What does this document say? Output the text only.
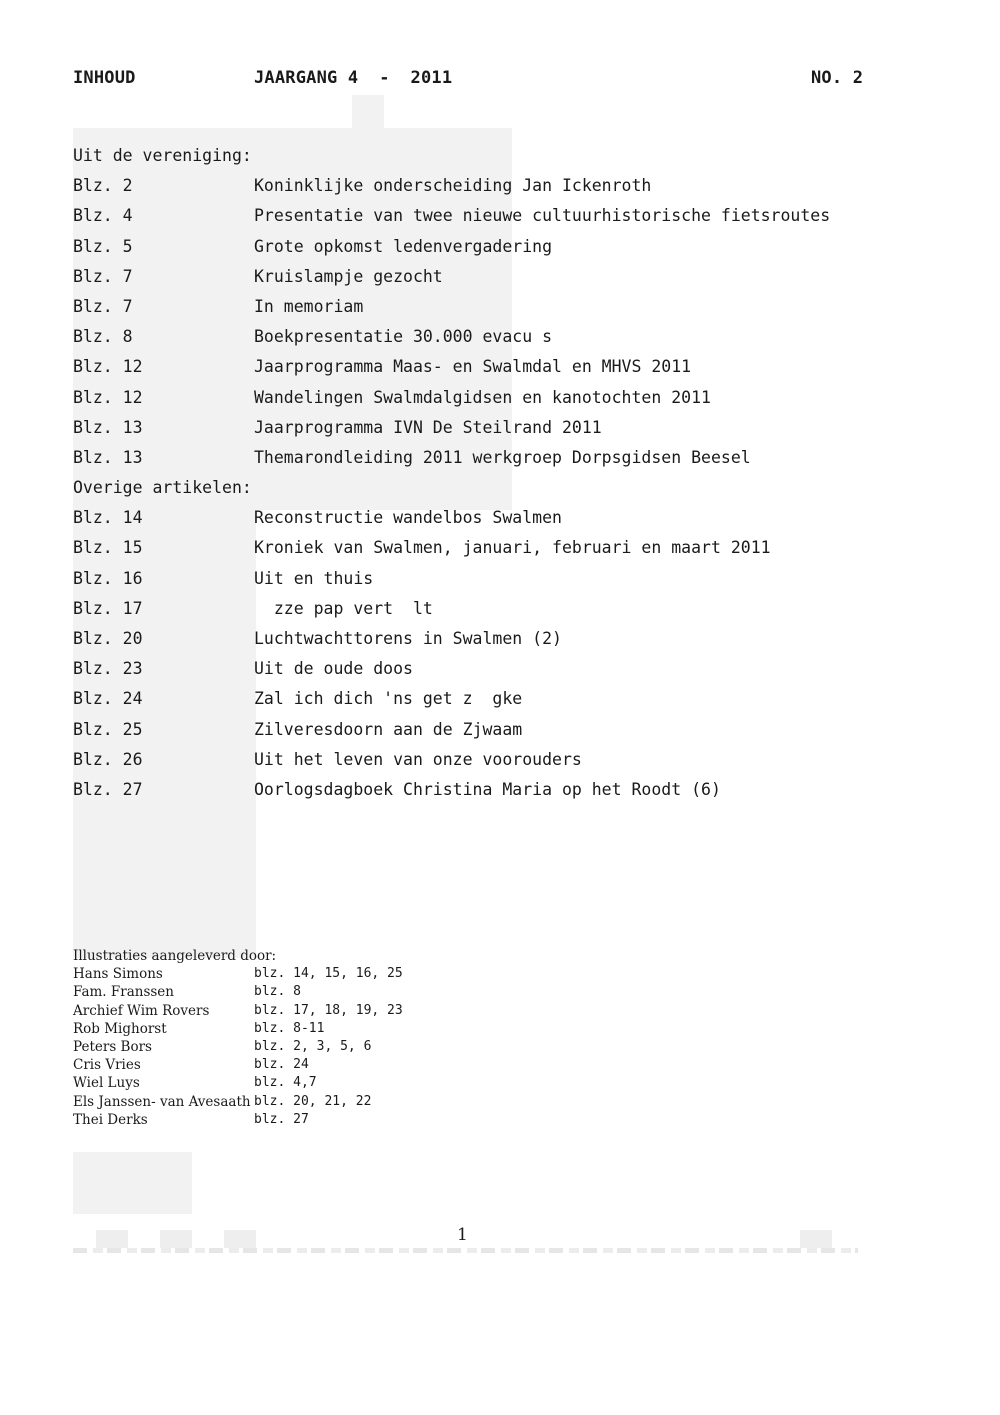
INHOUD	JAARGANG 4  -  2011	NO. 2
Uit de vereniging:
Blz. 2	Koninklijke onderscheiding Jan Ickenroth
Blz. 4	Presentatie van twee nieuwe cultuurhistorische fietsroutes
Blz. 5	Grote opkomst ledenvergadering
Blz. 7	Kruislampje gezocht
Blz. 7	In memoriam
Blz. 8	Boekpresentatie 30.000 evacu s
Blz. 12	Jaarprogramma Maas- en Swalmdal en MHVS 2011
Blz. 12	Wandelingen Swalmdalgidsen en kanotochten 2011
Blz. 13	Jaarprogramma IVN De Steilrand 2011
Blz. 13	Themarondleiding 2011 werkgroep Dorpsgidsen Beesel
Overige artikelen:
Blz. 14	Reconstructie wandelbos Swalmen
Blz. 15	Kroniek van Swalmen, januari, februari en maart 2011
Blz. 16	Uit en thuis
Blz. 17	zze pap vert  lt
Blz. 20	Luchtwachttorens in Swalmen (2)
Blz. 23	Uit de oude doos
Blz. 24	Zal ich dich 'ns get z  gke
Blz. 25	Zilveresdoorn aan de Zjwaam
Blz. 26	Uit het leven van onze voorouders
Blz. 27	Oorlogsdagboek Christina Maria op het Roodt (6)
Illustraties aangeleverd door:
Hans Simons	blz. 14, 15, 16, 25
Fam. Franssen	blz. 8
Archief Wim Rovers	blz. 17, 18, 19, 23
Rob Mighorst	blz. 8-11
Peters Bors	blz. 2, 3, 5, 6
Cris Vries	blz. 24
Wiel Luys	blz. 4,7
Els Janssen- van Avesaath blz. 20, 21, 22
Thei Derks	blz. 27
1
